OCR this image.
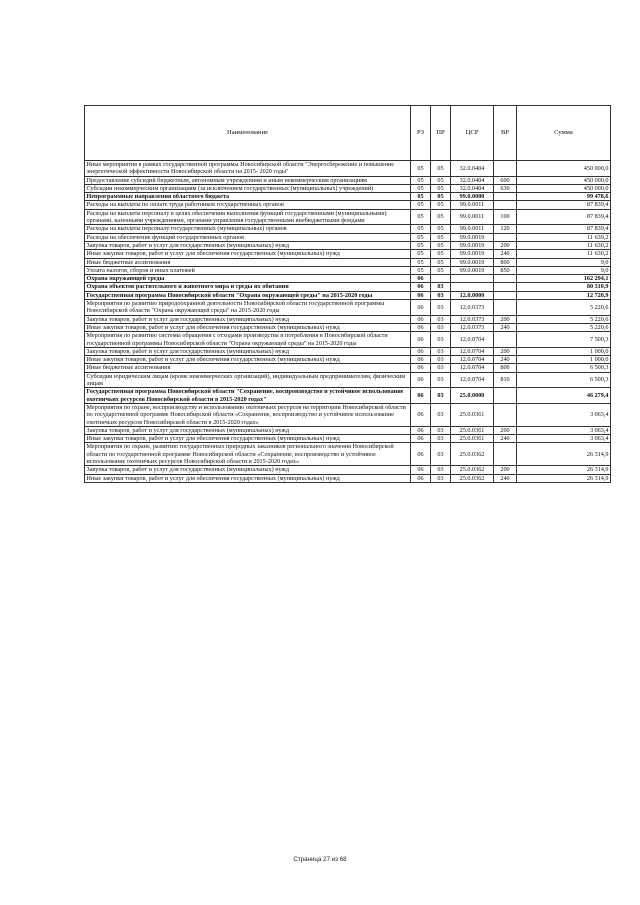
Наименование	РЗ	ПР	ЦСР	ВР	Сумма
Иные мероприятия в рамках государственной программы Новосибирской области "Энергосбережение и повышение энергетической эффективности Новосибирской области на 2015- 2020 годы"	05	05	32.0.0404		450 000,0
Предоставление субсидий бюджетным, автономным учреждениям и иным некоммерческим организациям	05	05	32.0.0404	600	450 000,0
Субсидии некоммерческим организациям (за исключением государственных (муниципальных) учреждений)	05	05	32.0.0404	630	450 000,0
Непрограммные направления областного бюджета	05	05	99.0.0000		99 478,6
Расходы на выплаты по оплате труда работников государственных органов	05	05	99.0.0011		87 839,4
Расходы на выплаты персоналу в целях обеспечения выполнения функций государственными (муниципальными) органами, казенными учреждениями, органами управления государственными внебюджетными фондами	05	05	99.0.0011	100	87 839,4
Расходы на выплаты персоналу государственных (муниципальных) органов	05	05	99.0.0011	120	87 839,4
Расходы на обеспечение функций государственных органов	05	05	99.0.0019		11 639,2
Закупка товаров, работ и услуг для государственных (муниципальных) нужд	05	05	99.0.0019	200	11 630,2
Иные закупки товаров, работ и услуг для обеспечения государственных (муниципальных) нужд	05	05	99.0.0019	240	11 630,2
Иные бюджетные ассигнования	05	05	99.0.0019	800	9,0
Уплата налогов, сборов и иных платежей	05	05	99.0.0019	850	9,0
Охрана окружающей среды	06				162 294,1
Охрана объектов растительного и животного мира и среды их обитания	06	03			80 310,9
Государственная программа Новосибирской области "Охрана окружающей среды" на 2015-2020 годы	06	03	12.0.0000		12 720,9
Мероприятия по развитию природоохранной деятельности Новосибирской области государственной программы Новосибирской области "Охрана окружающей среды" на 2015-2020 годы	06	03	12.0.0373		5 220,6
Закупка товаров, работ и услуг для государственных (муниципальных) нужд	06	03	12.0.0373	200	5 220,6
Иные закупки товаров, работ и услуг для обеспечения государственных (муниципальных) нужд	06	03	12.0.0373	240	5 220,6
Мероприятия по развитию системы обращения с отходами производства и потребления в Новосибирской области государственной программы Новосибирской области "Охрана окружающей среды" на 2015-2020 годы	06	03	12.0.0704		7 500,3
Закупка товаров, работ и услуг для государственных (муниципальных) нужд	06	03	12.0.0704	200	1 000,0
Иные закупки товаров, работ и услуг для обеспечения государственных (муниципальных) нужд	06	03	12.0.0704	240	1 000,0
Иные бюджетные ассигнования	06	03	12.0.0704	800	6 500,3
Субсидии юридическим лицам (кроме некоммерческих организаций), индивидуальным предпринимателям, физическим лицам	06	03	12.0.0704	810	6 500,3
Государственная программа Новосибирской области "Сохранение, воспроизводство и устойчивое использование охотничьих ресурсов Новосибирской области в 2015-2020 годах"	06	03	25.0.0000		46 279,4
Мероприятия по охране, воспроизводству и использованию охотничьих ресурсов на территории Новосибирской области по государственной программе Новосибирской области «Сохранение, воспроизводство и устойчивое использование охотничьих ресурсов Новосибирской области в 2015-2020 годах»	06	03	25.0.0361		3 063,4
Закупка товаров, работ и услуг для государственных (муниципальных) нужд	06	03	25.0.0361	200	3 063,4
Иные закупки товаров, работ и услуг для обеспечения государственных (муниципальных) нужд	06	03	25.0.0361	240	3 063,4
Мероприятия по охране, развитию государственных природных заказников регионального значения Новосибирской области по государственной программе Новосибирской области «Сохранение, воспроизводство и устойчивое использование охотничьих ресурсов Новосибирской области в 2015-2020 годах»	06	03	25.0.0362		26 314,9
Закупка товаров, работ и услуг для государственных (муниципальных) нужд	06	03	25.0.0362	200	26 314,9
Иные закупки товаров, работ и услуг для обеспечения государственных (муниципальных) нужд	06	03	25.0.0362	240	26 314,9
Страница 27 из 68
